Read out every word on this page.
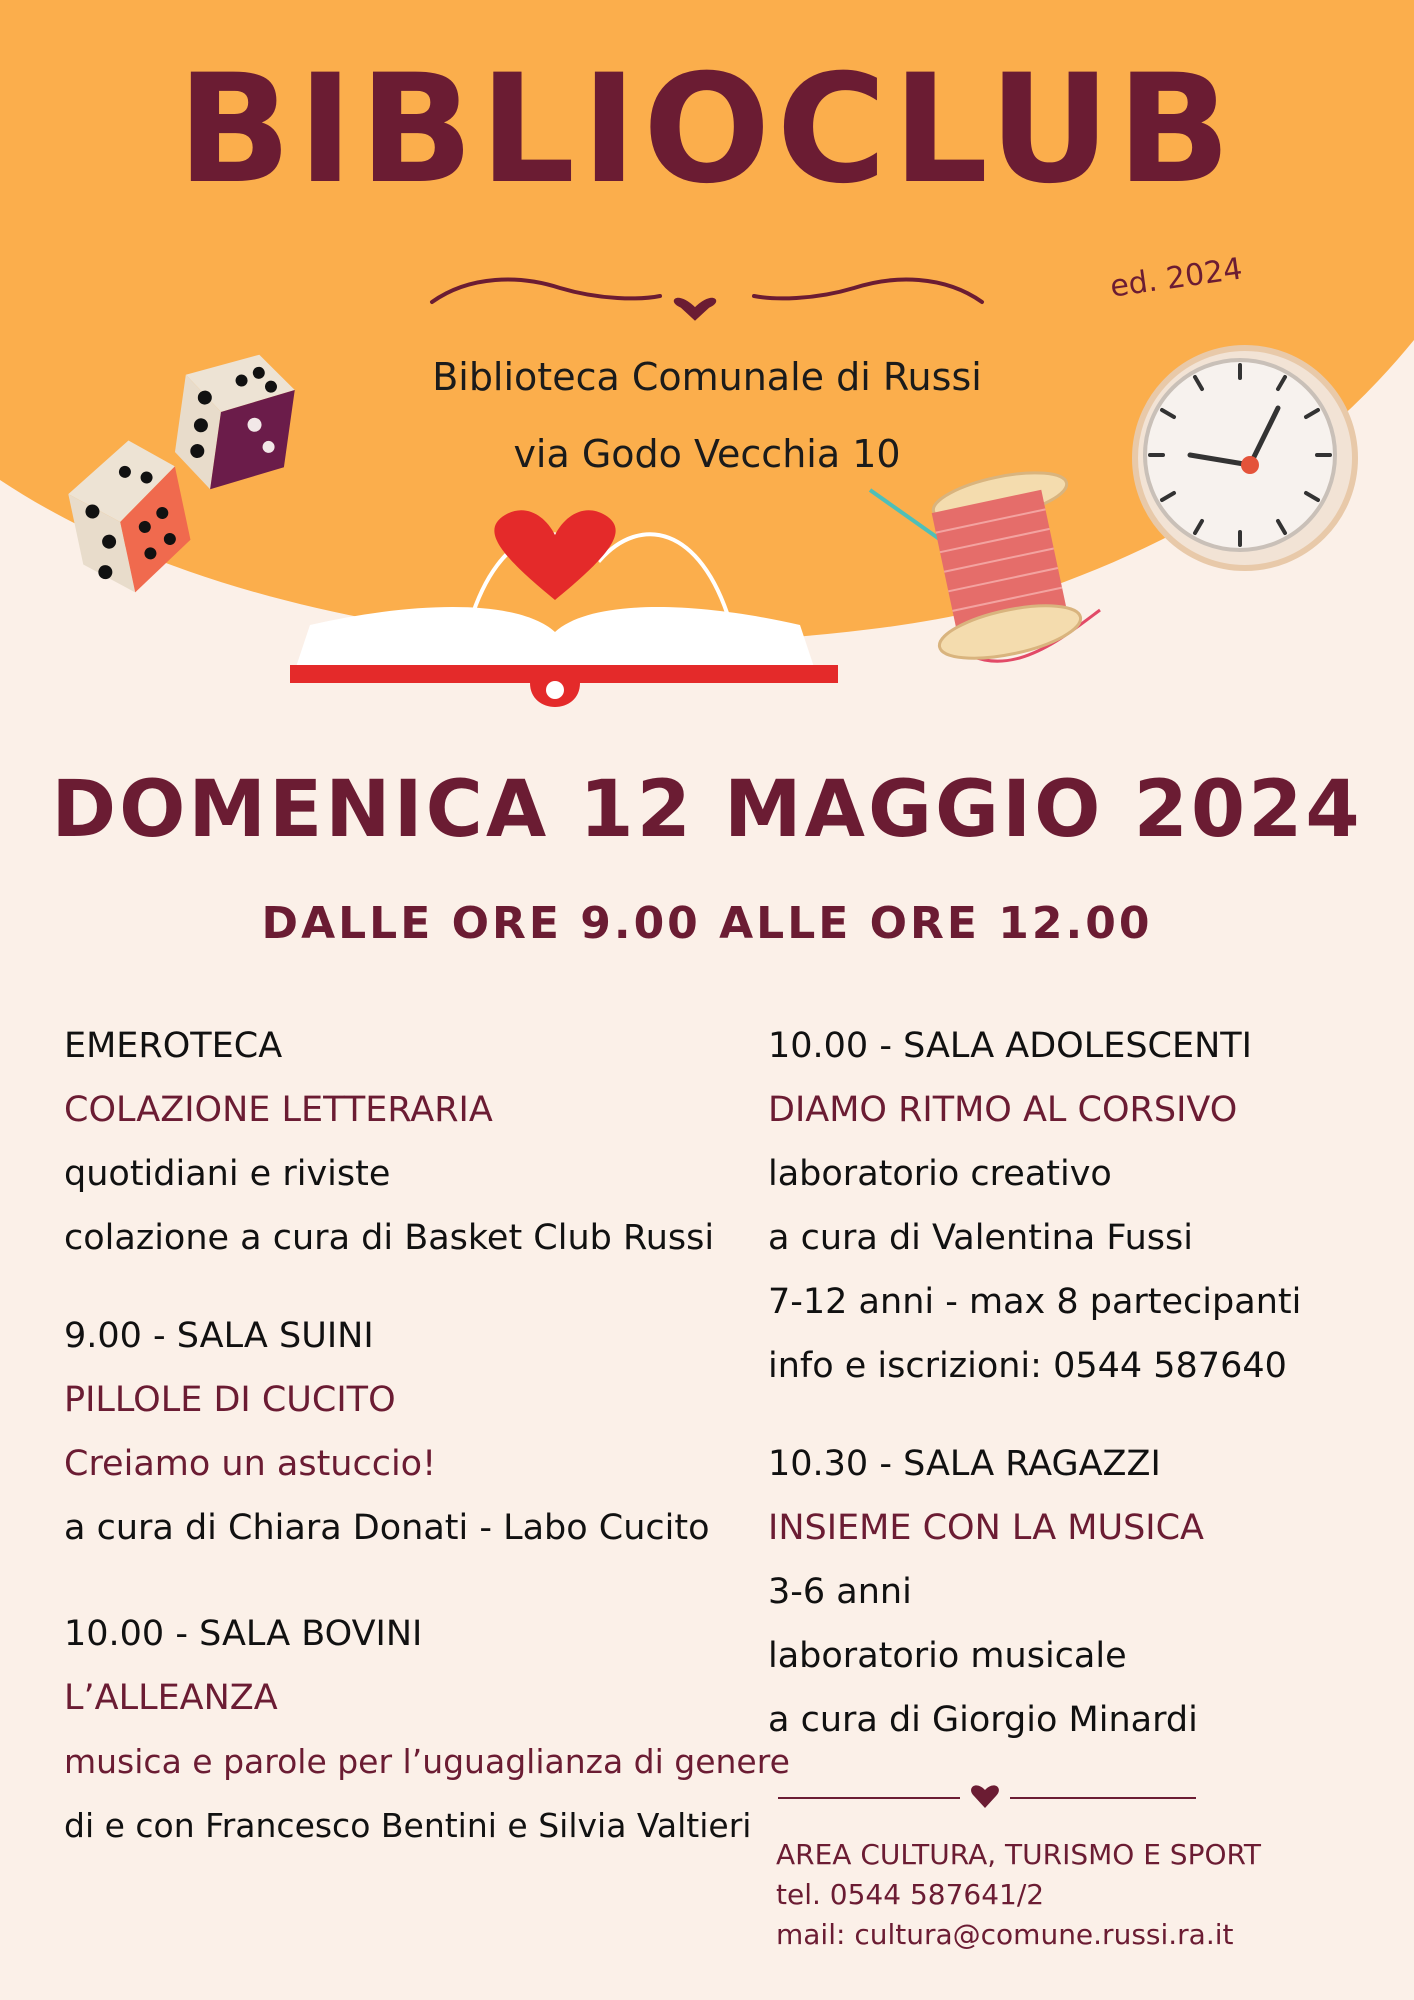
BIBLIOCLUB
ed. 2024
Biblioteca Comunale di Russi
via Godo Vecchia 10
DOMENICA 12 MAGGIO 2024
DALLE ORE 9.00 ALLE ORE 12.00
EMEROTECA
COLAZIONE LETTERARIA
quotidiani e riviste
colazione a cura di Basket Club Russi
9.00 - SALA SUINI
PILLOLE DI CUCITO
Creiamo un astuccio!
a cura di Chiara Donati - Labo Cucito
10.00 - SALA BOVINI
L’ALLEANZA
musica e parole per l’uguaglianza di genere
di e con Francesco Bentini e Silvia Valtieri
10.00 - SALA ADOLESCENTI
DIAMO RITMO AL CORSIVO
laboratorio creativo
a cura di Valentina Fussi
7-12 anni - max 8 partecipanti
info e iscrizioni: 0544 587640
10.30 - SALA RAGAZZI
INSIEME CON LA MUSICA
3-6 anni
laboratorio musicale
a cura di Giorgio Minardi
AREA CULTURA, TURISMO E SPORT
tel. 0544 587641/2
mail: cultura@comune.russi.ra.it
